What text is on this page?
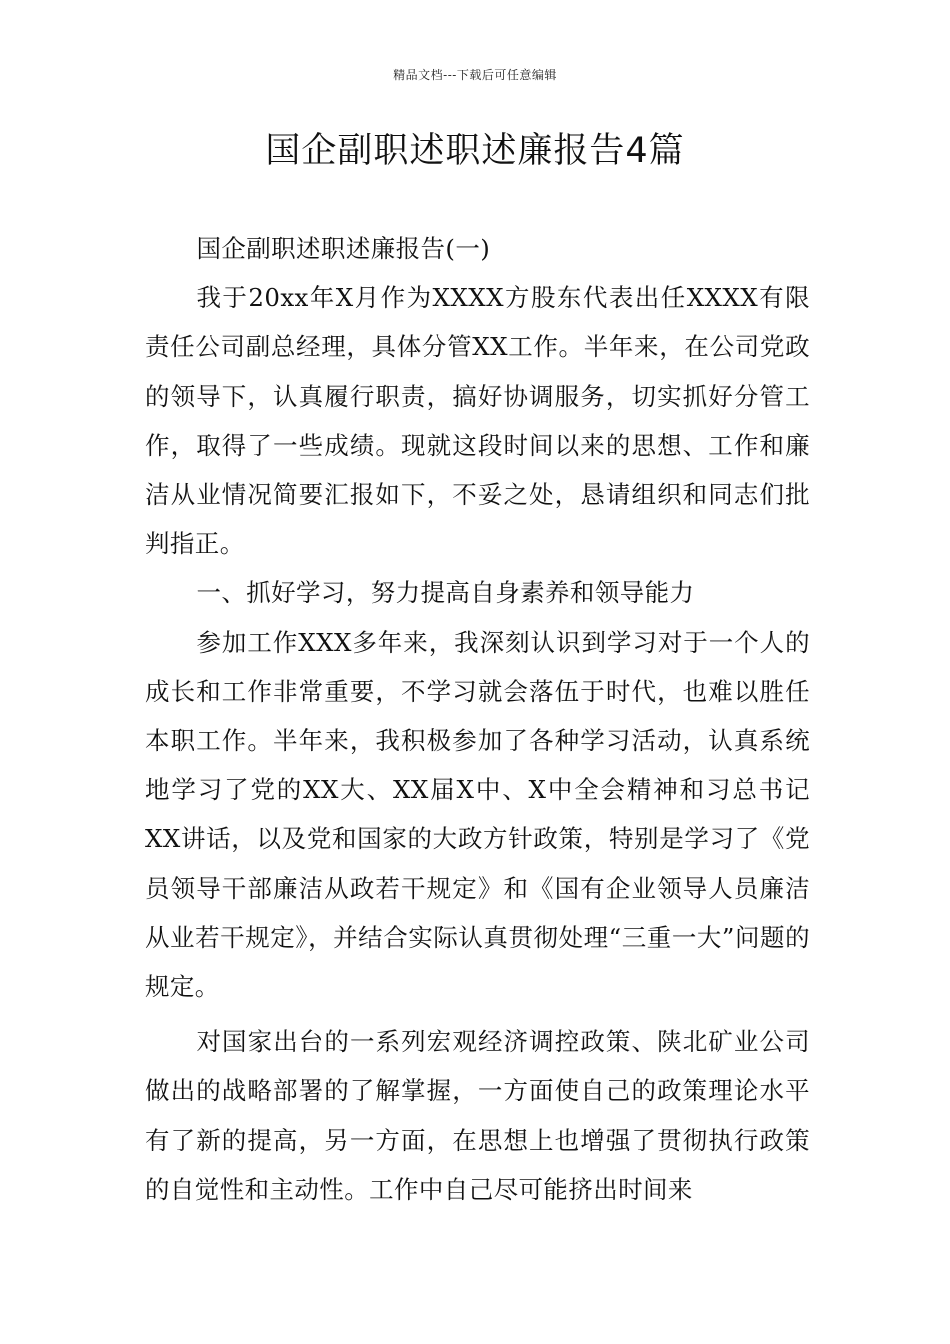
精品文档---下载后可任意编辑
国企副职述职述廉报告4篇

国企副职述职述廉报告(一)

我于20xx年X月作为XXXX方股东代表出任XXXX有限责任公司副总经理，具体分管XX工作。半年来，在公司党政的领导下，认真履行职责，搞好协调服务，切实抓好分管工作，取得了一些成绩。现就这段时间以来的思想、工作和廉洁从业情况简要汇报如下，不妥之处，恳请组织和同志们批判指正。

一、抓好学习，努力提高自身素养和领导能力

参加工作XXX多年来，我深刻认识到学习对于一个人的成长和工作非常重要，不学习就会落伍于时代，也难以胜任本职工作。半年来，我积极参加了各种学习活动，认真系统地学习了党的XX大、XX届X中、X中全会精神和习总书记XX讲话，以及党和国家的大政方针政策，特别是学习了《党员领导干部廉洁从政若干规定》和《国有企业领导人员廉洁从业若干规定》，并结合实际认真贯彻处理“三重一大”问题的规定。

对国家出台的一系列宏观经济调控政策、陕北矿业公司做出的战略部署的了解掌握，一方面使自己的政策理论水平有了新的提高，另一方面，在思想上也增强了贯彻执行政策的自觉性和主动性。工作中自己尽可能挤出时间来
